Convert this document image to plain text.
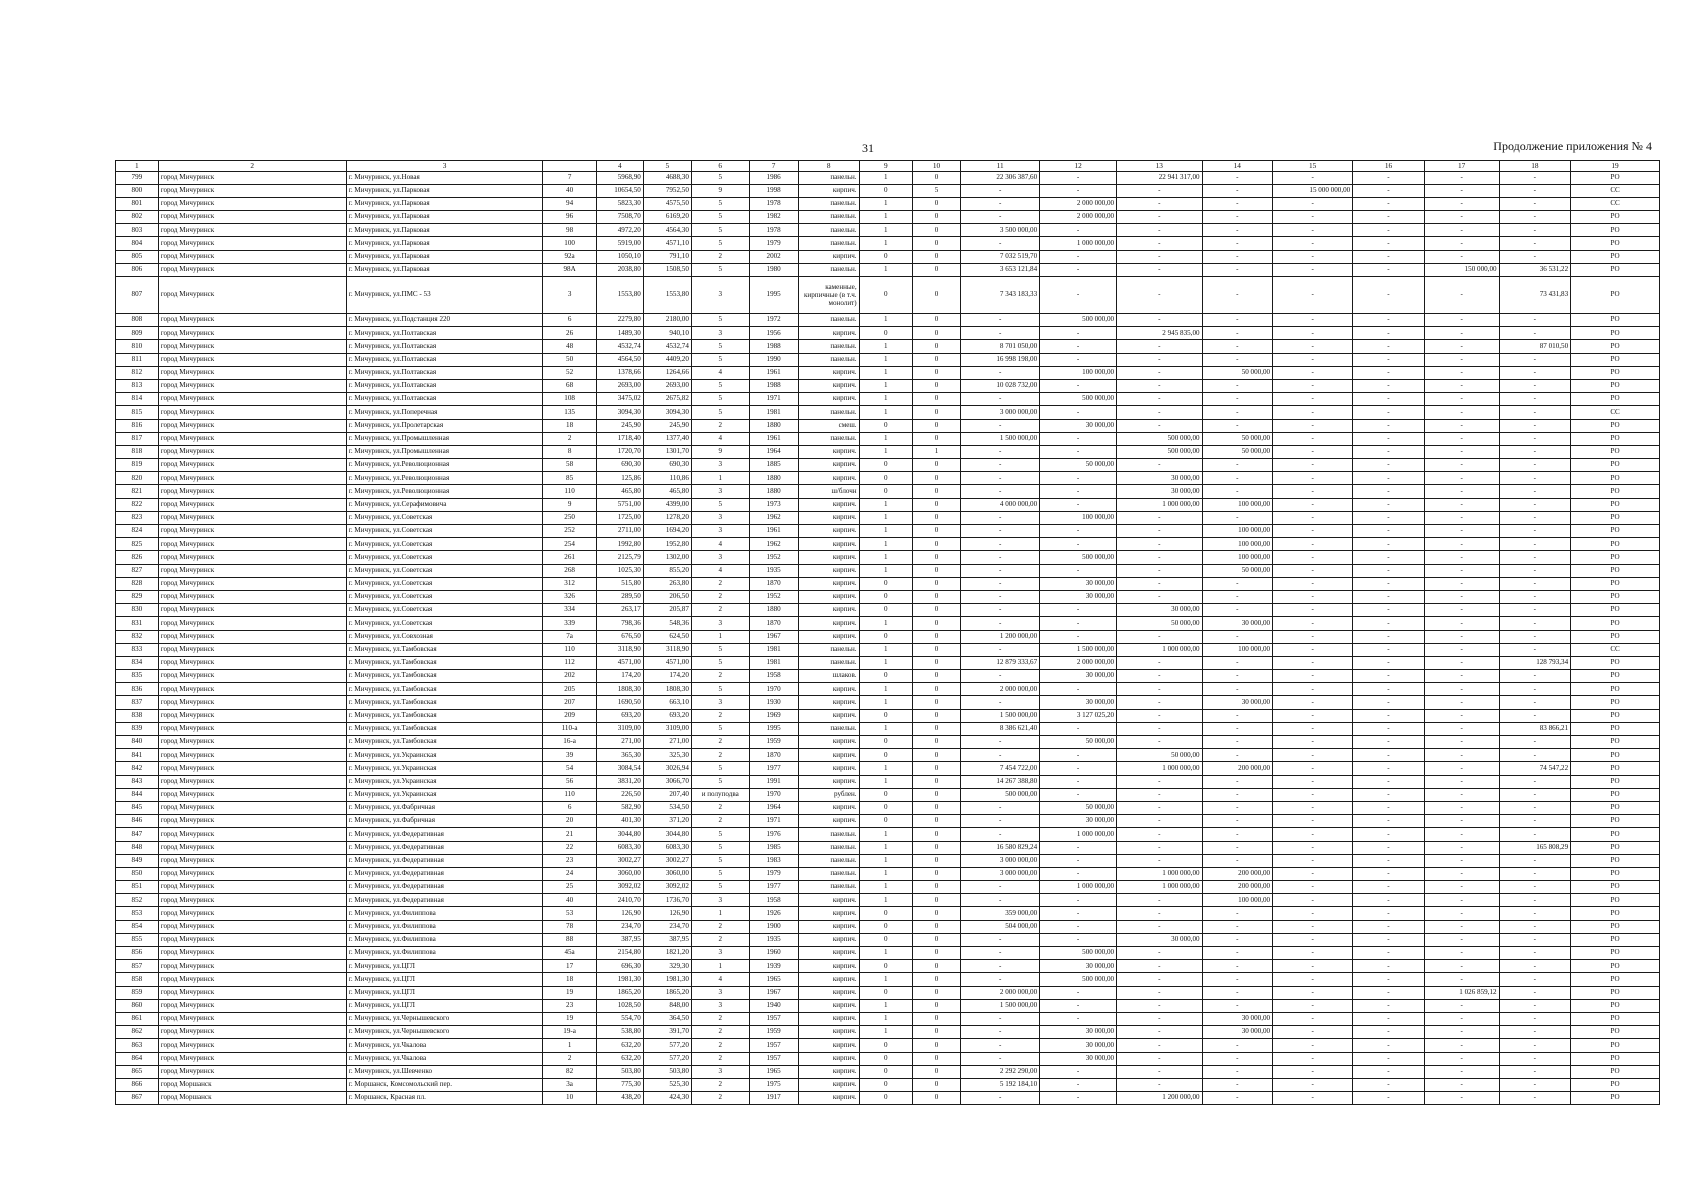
31	Продолжение приложения № 4
1	2	3		4	5	6	7	8	9	10	11	12	13	14	15	16	17	18	19
799	город Мичуринск	г. Мичуринск, ул.Новая	7	5968,90	4688,30	5	1986	панельн.	1	0	22 306 387,60	-	22 941 317,00	-	-	-	-	-	РО
800	город Мичуринск	г. Мичуринск, ул.Парковая	40	10654,50	7952,50	9	1998	кирпич.	0	5	-	-	-	-	15 000 000,00	-	-	-	СС
801	город Мичуринск	г. Мичуринск, ул.Парковая	94	5823,30	4575,50	5	1978	панельн.	1	0	-	2 000 000,00	-	-	-	-	-	-	СС
802	город Мичуринск	г. Мичуринск, ул.Парковая	96	7508,70	6169,20	5	1982	панельн.	1	0	-	2 000 000,00	-	-	-	-	-	-	РО
803	город Мичуринск	г. Мичуринск, ул.Парковая	98	4972,20	4564,30	5	1978	панельн.	1	0	3 500 000,00	-	-	-	-	-	-	-	РО
804	город Мичуринск	г. Мичуринск, ул.Парковая	100	5919,00	4571,10	5	1979	панельн.	1	0	-	1 000 000,00	-	-	-	-	-	-	РО
805	город Мичуринск	г. Мичуринск, ул.Парковая	92а	1050,10	791,10	2	2002	кирпич.	0	0	7 032 519,70	-	-	-	-	-	-	-	РО
806	город Мичуринск	г. Мичуринск, ул.Парковая	98А	2038,80	1508,50	5	1980	панельн.	1	0	3 653 121,84	-	-	-	-	-	150 000,00	36 531,22	РО
807	город Мичуринск	г. Мичуринск, ул.ПМС - 53	3	1553,80	1553,80	3	1995	каменные, кирпичные (в т.ч. монолит)	0	0	7 343 183,33	-	-	-	-	-	-	73 431,83	РО
808	город Мичуринск	г. Мичуринск, ул.Подстанция 220	6	2279,80	2180,00	5	1972	панельн.	1	0	-	500 000,00	-	-	-	-	-	-	РО
809	город Мичуринск	г. Мичуринск, ул.Полтавская	26	1489,30	940,10	3	1956	кирпич.	0	0	-	-	2 945 835,00	-	-	-	-	-	РО
810	город Мичуринск	г. Мичуринск, ул.Полтавская	48	4532,74	4532,74	5	1988	панельн.	1	0	8 701 050,00	-	-	-	-	-	-	87 010,50	РО
811	город Мичуринск	г. Мичуринск, ул.Полтавская	50	4564,50	4409,20	5	1990	панельн.	1	0	16 998 198,00	-	-	-	-	-	-	-	РО
812	город Мичуринск	г. Мичуринск, ул.Полтавская	52	1378,66	1264,66	4	1961	кирпич.	1	0	-	100 000,00	-	50 000,00	-	-	-	-	РО
813	город Мичуринск	г. Мичуринск, ул.Полтавская	68	2693,00	2693,00	5	1988	кирпич.	1	0	10 028 732,00	-	-	-	-	-	-	-	РО
814	город Мичуринск	г. Мичуринск, ул.Полтавская	108	3475,02	2675,82	5	1971	кирпич.	1	0	-	500 000,00	-	-	-	-	-	-	РО
815	город Мичуринск	г. Мичуринск, ул.Поперечная	135	3094,30	3094,30	5	1981	панельн.	1	0	3 000 000,00	-	-	-	-	-	-	-	СС
816	город Мичуринск	г. Мичуринск, ул.Пролетарская	18	245,90	245,90	2	1880	смеш.	0	0	-	30 000,00	-	-	-	-	-	-	РО
817	город Мичуринск	г. Мичуринск, ул.Промышленная	2	1718,40	1377,40	4	1961	панельн.	1	0	1 500 000,00	-	500 000,00	50 000,00	-	-	-	-	РО
818	город Мичуринск	г. Мичуринск, ул.Промышленная	8	1720,70	1301,70	9	1964	кирпич.	1	1	-	-	500 000,00	50 000,00	-	-	-	-	РО
819	город Мичуринск	г. Мичуринск, ул.Революционная	58	690,30	690,30	3	1885	кирпич.	0	0	-	50 000,00	-	-	-	-	-	-	РО
820	город Мичуринск	г. Мичуринск, ул.Революционная	85	125,86	110,86	1	1880	кирпич.	0	0	-	-	30 000,00	-	-	-	-	-	РО
821	город Мичуринск	г. Мичуринск, ул.Революционная	110	465,80	465,80	3	1880	ш/блочн	0	0	-	-	30 000,00	-	-	-	-	-	РО
822	город Мичуринск	г. Мичуринск, ул.Серафимовича	9	5751,00	4399,00	5	1973	кирпич.	1	0	4 000 000,00	-	1 000 000,00	100 000,00	-	-	-	-	РО
823	город Мичуринск	г. Мичуринск, ул.Советская	250	1725,00	1278,20	3	1962	кирпич.	1	0	-	100 000,00	-	-	-	-	-	-	РО
824	город Мичуринск	г. Мичуринск, ул.Советская	252	2711,00	1694,20	3	1961	кирпич.	1	0	-	-	-	100 000,00	-	-	-	-	РО
825	город Мичуринск	г. Мичуринск, ул.Советская	254	1992,80	1952,80	4	1962	кирпич.	1	0	-	-	-	100 000,00	-	-	-	-	РО
826	город Мичуринск	г. Мичуринск, ул.Советская	261	2125,79	1302,00	3	1952	кирпич.	1	0	-	500 000,00	-	100 000,00	-	-	-	-	РО
827	город Мичуринск	г. Мичуринск, ул.Советская	268	1025,30	855,20	4	1935	кирпич.	1	0	-	-	-	50 000,00	-	-	-	-	РО
828	город Мичуринск	г. Мичуринск, ул.Советская	312	515,80	263,80	2	1870	кирпич.	0	0	-	30 000,00	-	-	-	-	-	-	РО
829	город Мичуринск	г. Мичуринск, ул.Советская	326	289,50	206,50	2	1952	кирпич.	0	0	-	30 000,00	-	-	-	-	-	-	РО
830	город Мичуринск	г. Мичуринск, ул.Советская	334	263,17	205,87	2	1880	кирпич.	0	0	-	-	30 000,00	-	-	-	-	-	РО
831	город Мичуринск	г. Мичуринск, ул.Советская	339	798,36	548,36	3	1870	кирпич.	1	0	-	-	50 000,00	30 000,00	-	-	-	-	РО
832	город Мичуринск	г. Мичуринск, ул.Совхозная	7а	676,50	624,50	1	1967	кирпич.	0	0	1 200 000,00	-	-	-	-	-	-	-	РО
833	город Мичуринск	г. Мичуринск, ул.Тамбовская	110	3118,90	3118,90	5	1981	панельн.	1	0	-	1 500 000,00	1 000 000,00	100 000,00	-	-	-	-	СС
834	город Мичуринск	г. Мичуринск, ул.Тамбовская	112	4571,00	4571,00	5	1981	панельн.	1	0	12 879 333,67	2 000 000,00	-	-	-	-	-	128 793,34	РО
835	город Мичуринск	г. Мичуринск, ул.Тамбовская	202	174,20	174,20	2	1958	шлаков.	0	0	-	30 000,00	-	-	-	-	-	-	РО
836	город Мичуринск	г. Мичуринск, ул.Тамбовская	205	1808,30	1808,30	5	1970	кирпич.	1	0	2 000 000,00	-	-	-	-	-	-	-	РО
837	город Мичуринск	г. Мичуринск, ул.Тамбовская	207	1690,50	663,10	3	1930	кирпич.	1	0	-	30 000,00	-	30 000,00	-	-	-	-	РО
838	город Мичуринск	г. Мичуринск, ул.Тамбовская	209	693,20	693,20	2	1969	кирпич.	0	0	1 500 000,00	3 127 025,20	-	-	-	-	-	-	РО
839	город Мичуринск	г. Мичуринск, ул.Тамбовская	110-а	3109,00	3109,00	5	1995	панельн.	1	0	8 386 621,40	-	-	-	-	-	-	83 866,21	РО
840	город Мичуринск	г. Мичуринск, ул.Тамбовская	16-а	271,00	271,00	2	1959	кирпич.	0	0	-	50 000,00	-	-	-	-	-	-	РО
841	город Мичуринск	г. Мичуринск, ул.Украинская	39	365,30	325,30	2	1870	кирпич.	0	0	-	-	50 000,00	-	-	-	-	-	РО
842	город Мичуринск	г. Мичуринск, ул.Украинская	54	3084,54	3026,94	5	1977	кирпич.	1	0	7 454 722,00	-	1 000 000,00	200 000,00	-	-	-	74 547,22	РО
843	город Мичуринск	г. Мичуринск, ул.Украинская	56	3831,20	3066,70	5	1991	кирпич.	1	0	14 267 388,80	-	-	-	-	-	-	-	РО
844	город Мичуринск	г. Мичуринск, ул.Украинская	110	226,50	207,40	и полуподва	1970	рублен.	0	0	500 000,00	-	-	-	-	-	-	-	РО
845	город Мичуринск	г. Мичуринск, ул.Фабричная	6	582,90	534,50	2	1964	кирпич.	0	0	-	50 000,00	-	-	-	-	-	-	РО
846	город Мичуринск	г. Мичуринск, ул.Фабричная	20	401,30	371,20	2	1971	кирпич.	0	0	-	30 000,00	-	-	-	-	-	-	РО
847	город Мичуринск	г. Мичуринск, ул.Федеративная	21	3044,80	3044,80	5	1976	панельн.	1	0	-	1 000 000,00	-	-	-	-	-	-	РО
848	город Мичуринск	г. Мичуринск, ул.Федеративная	22	6083,30	6083,30	5	1985	панельн.	1	0	16 580 829,24	-	-	-	-	-	-	165 808,29	РО
849	город Мичуринск	г. Мичуринск, ул.Федеративная	23	3002,27	3002,27	5	1983	панельн.	1	0	3 000 000,00	-	-	-	-	-	-	-	РО
850	город Мичуринск	г. Мичуринск, ул.Федеративная	24	3060,00	3060,00	5	1979	панельн.	1	0	3 000 000,00	-	1 000 000,00	200 000,00	-	-	-	-	РО
851	город Мичуринск	г. Мичуринск, ул.Федеративная	25	3092,02	3092,02	5	1977	панельн.	1	0	-	1 000 000,00	1 000 000,00	200 000,00	-	-	-	-	РО
852	город Мичуринск	г. Мичуринск, ул.Федеративная	40	2410,70	1736,70	3	1958	кирпич.	1	0	-	-	-	100 000,00	-	-	-	-	РО
853	город Мичуринск	г. Мичуринск, ул.Филиппова	53	126,90	126,90	1	1926	кирпич.	0	0	359 000,00	-	-	-	-	-	-	-	РО
854	город Мичуринск	г. Мичуринск, ул.Филиппова	78	234,70	234,70	2	1900	кирпич.	0	0	504 000,00	-	-	-	-	-	-	-	РО
855	город Мичуринск	г. Мичуринск, ул.Филиппова	88	387,95	387,95	2	1935	кирпич.	0	0	-	-	30 000,00	-	-	-	-	-	РО
856	город Мичуринск	г. Мичуринск, ул.Филиппова	45а	2154,80	1821,20	3	1960	кирпич.	1	0	-	500 000,00	-	-	-	-	-	-	РО
857	город Мичуринск	г. Мичуринск, ул.ЦГЛ	17	696,30	329,30	1	1939	кирпич.	0	0	-	30 000,00	-	-	-	-	-	-	РО
858	город Мичуринск	г. Мичуринск, ул.ЦГЛ	18	1981,30	1981,30	4	1965	кирпич.	1	0	-	500 000,00	-	-	-	-	-	-	РО
859	город Мичуринск	г. Мичуринск, ул.ЦГЛ	19	1865,20	1865,20	3	1967	кирпич.	0	0	2 000 000,00	-	-	-	-	-	1 026 859,12	-	РО
860	город Мичуринск	г. Мичуринск, ул.ЦГЛ	23	1028,50	848,00	3	1940	кирпич.	1	0	1 500 000,00	-	-	-	-	-	-	-	РО
861	город Мичуринск	г. Мичуринск, ул.Чернышевского	19	554,70	364,50	2	1957	кирпич.	1	0	-	-	-	30 000,00	-	-	-	-	РО
862	город Мичуринск	г. Мичуринск, ул.Чернышевского	19-а	538,80	391,70	2	1959	кирпич.	1	0	-	30 000,00	-	30 000,00	-	-	-	-	РО
863	город Мичуринск	г. Мичуринск, ул.Чкалова	1	632,20	577,20	2	1957	кирпич.	0	0	-	30 000,00	-	-	-	-	-	-	РО
864	город Мичуринск	г. Мичуринск, ул.Чкалова	2	632,20	577,20	2	1957	кирпич.	0	0	-	30 000,00	-	-	-	-	-	-	РО
865	город Мичуринск	г. Мичуринск, ул.Шевченко	82	503,80	503,80	3	1965	кирпич.	0	0	2 292 290,00	-	-	-	-	-	-	-	РО
866	город Моршанск	г. Моршанск, Комсомольский пер.	3а	775,30	525,30	2	1975	кирпич.	0	0	5 192 184,10	-	-	-	-	-	-	-	РО
867	город Моршанск	г. Моршанск, Красная пл.	10	438,20	424,30	2	1917	кирпич.	0	0	-	-	1 200 000,00	-	-	-	-	-	РО
